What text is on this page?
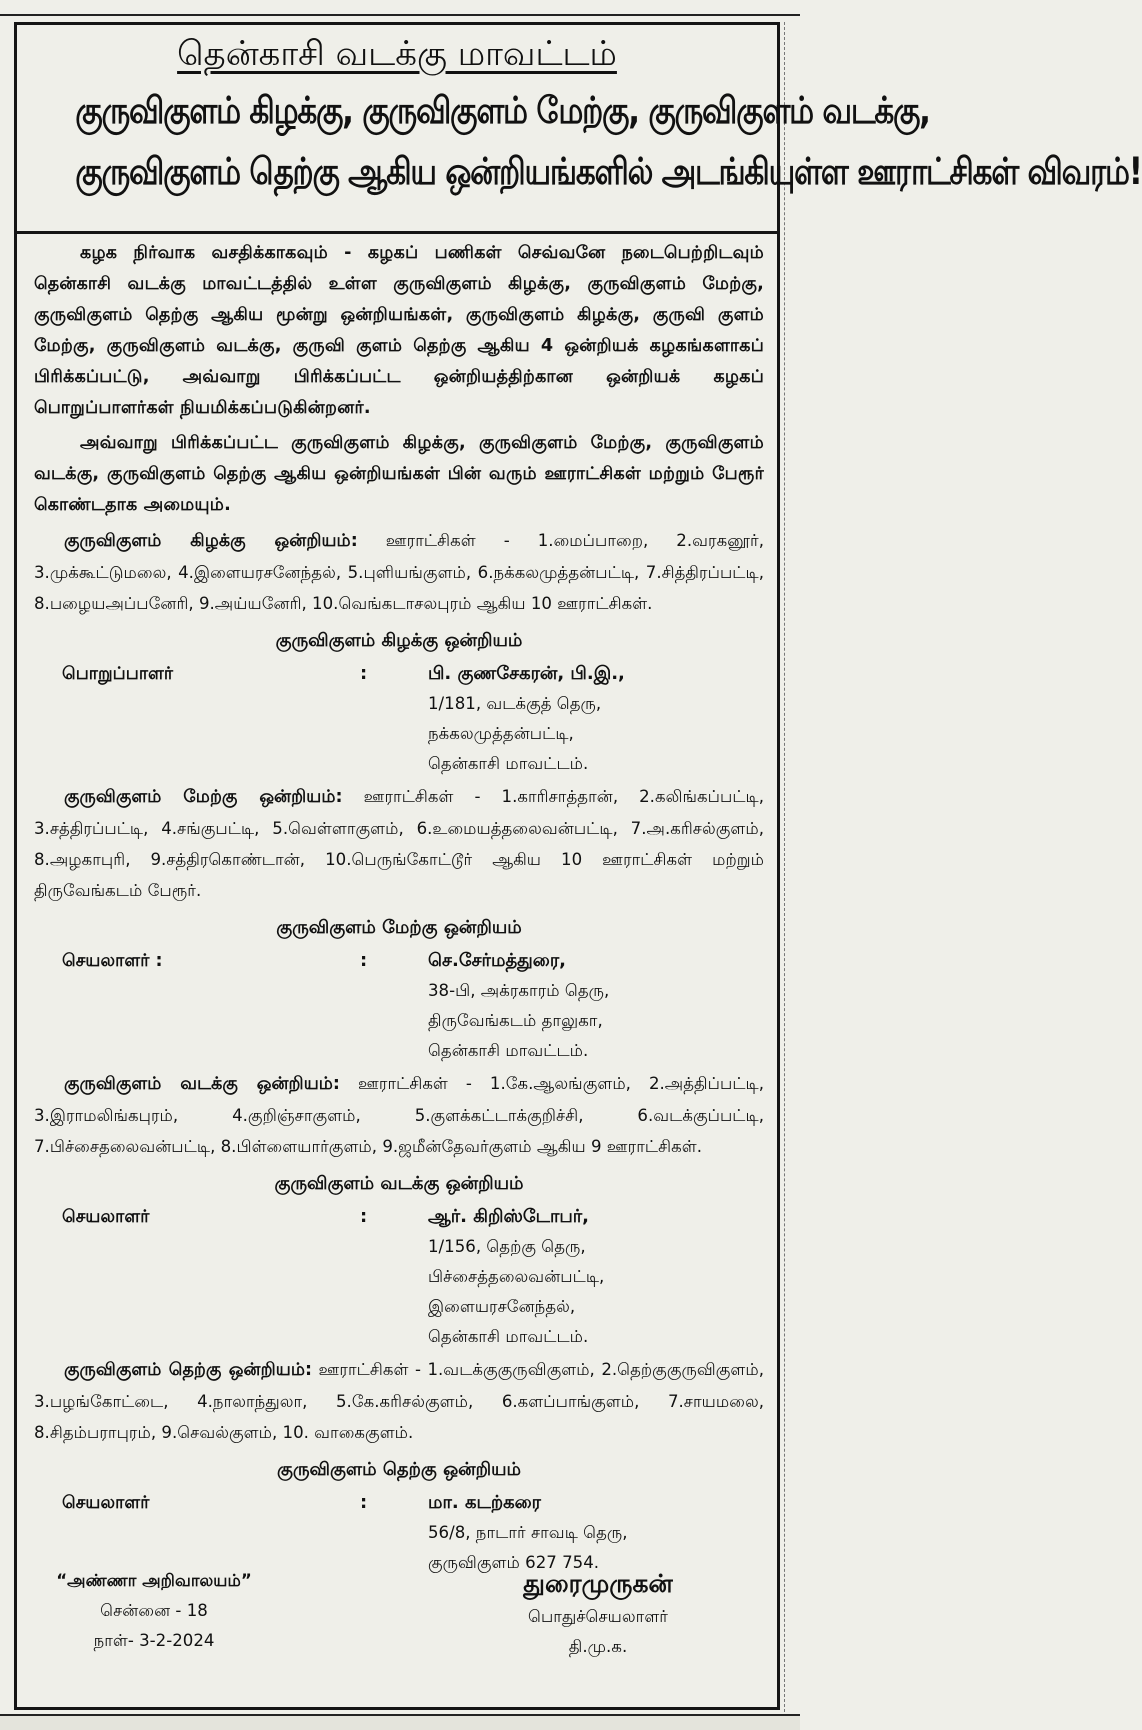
தென்காசி வடக்கு மாவட்டம்
குருவிகுளம் கிழக்கு, குருவிகுளம் மேற்கு, குருவிகுளம் வடக்கு,
குருவிகுளம் தெற்கு ஆகிய ஒன்றியங்களில் அடங்கியுள்ள ஊராட்சிகள் விவரம்!

கழக நிர்வாக வசதிக்காகவும் - கழகப் பணிகள் செவ்வனே நடைபெற்றிடவும் தென்காசி வடக்கு மாவட்டத்தில் உள்ள குருவிகுளம் கிழக்கு, குருவிகுளம் மேற்கு, குருவிகுளம் தெற்கு ஆகிய மூன்று ஒன்றியங்கள், குருவிகுளம் கிழக்கு, குருவி குளம் மேற்கு, குருவிகுளம் வடக்கு, குருவி குளம் தெற்கு ஆகிய 4 ஒன்றியக் கழகங்களாகப் பிரிக்கப்பட்டு, அவ்வாறு பிரிக்கப்பட்ட ஒன்றியத்திற்கான ஒன்றியக் கழகப் பொறுப்பாளர்கள் நியமிக்கப்படுகின்றனர்.

அவ்வாறு பிரிக்கப்பட்ட குருவிகுளம் கிழக்கு, குருவிகுளம் மேற்கு, குருவிகுளம் வடக்கு, குருவிகுளம் தெற்கு ஆகிய ஒன்றியங்கள் பின் வரும் ஊராட்சிகள் மற்றும் பேரூர் கொண்டதாக அமையும்.

குருவிகுளம் கிழக்கு ஒன்றியம்: ஊராட்சிகள் - 1.மைப்பாறை, 2.வரகனூர், 3.முக்கூட்டுமலை, 4.இளையரசனேந்தல், 5.புளியங்குளம், 6.நக்கலமுத்தன்பட்டி, 7.சித்திரப்பட்டி, 8.பழையஅப்பனேரி, 9.அய்யனேரி, 10.வெங்கடாசலபுரம் ஆகிய 10 ஊராட்சிகள்.

குருவிகுளம் கிழக்கு ஒன்றியம்
பொறுப்பாளர்	:	பி. குணசேகரன், பி.இ.,
1/181, வடக்குத் தெரு,
நக்கலமுத்தன்பட்டி,
தென்காசி மாவட்டம்.

குருவிகுளம் மேற்கு ஒன்றியம்: ஊராட்சிகள் - 1.காரிசாத்தான், 2.கலிங்கப்பட்டி, 3.சத்திரப்பட்டி, 4.சங்குபட்டி, 5.வெள்ளாகுளம், 6.உமையத்தலைவன்பட்டி, 7.அ.கரிசல்குளம், 8.அழகாபுரி, 9.சத்திரகொண்டான், 10.பெருங்கோட்டூர் ஆகிய 10 ஊராட்சிகள் மற்றும் திருவேங்கடம் பேரூர்.

குருவிகுளம் மேற்கு ஒன்றியம்
செயலாளர் :	:	செ.சேர்மத்துரை,
38-பி, அக்ரகாரம் தெரு,
திருவேங்கடம் தாலுகா,
தென்காசி மாவட்டம்.

குருவிகுளம் வடக்கு ஒன்றியம்: ஊராட்சிகள் - 1.கே.ஆலங்குளம், 2.அத்திப்பட்டி, 3.இராமலிங்கபுரம், 4.குறிஞ்சாகுளம், 5.குளக்கட்டாக்குறிச்சி, 6.வடக்குப்பட்டி, 7.பிச்சைதலைவன்பட்டி, 8.பிள்ளையார்குளம், 9.ஜமீன்தேவர்குளம் ஆகிய 9 ஊராட்சிகள்.

குருவிகுளம் வடக்கு ஒன்றியம்
செயலாளர்	:	ஆர். கிறிஸ்டோபர்,
1/156, தெற்கு தெரு,
பிச்சைத்தலைவன்பட்டி,
இளையரசனேந்தல்,
தென்காசி மாவட்டம்.

குருவிகுளம் தெற்கு ஒன்றியம்: ஊராட்சிகள் - 1.வடக்குகுருவிகுளம், 2.தெற்குகுருவிகுளம், 3.பழங்கோட்டை, 4.நாலாந்துலா, 5.கே.கரிசல்குளம், 6.களப்பாங்குளம், 7.சாயமலை, 8.சிதம்பராபுரம், 9.செவல்குளம், 10. வாகைகுளம்.

குருவிகுளம் தெற்கு ஒன்றியம்
செயலாளர்	:	மா. கடற்கரை
56/8, நாடார் சாவடி தெரு,
குருவிகுளம் 627 754.
“அண்ணா அறிவாலயம்”
சென்னை - 18
நாள்- 3-2-2024
துரைமுருகன்
பொதுச்செயலாளர்
தி.மு.க.
